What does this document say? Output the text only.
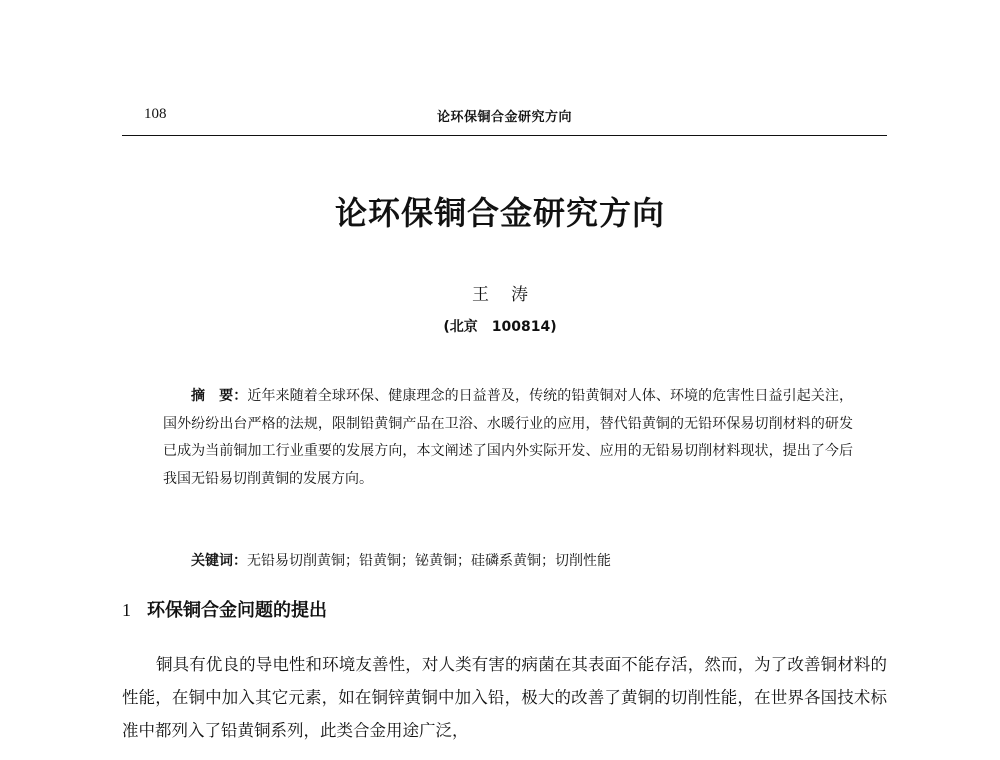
108	论环保铜合金研究方向
论环保铜合金研究方向
王涛
(北京　100814)
摘　要：近年来随着全球环保、健康理念的日益普及，传统的铅黄铜对人体、环境的危害性日益引起关注，国外纷纷出台严格的法规，限制铅黄铜产品在卫浴、水暖行业的应用，替代铅黄铜的无铅环保易切削材料的研发已成为当前铜加工行业重要的发展方向，本文阐述了国内外实际开发、应用的无铅易切削材料现状，提出了今后我国无铅易切削黄铜的发展方向。
关键词：无铅易切削黄铜；铅黄铜；铋黄铜；硅磷系黄铜；切削性能
1 环保铜合金问题的提出
铜具有优良的导电性和环境友善性，对人类有害的病菌在其表面不能存活，然而，为了改善铜材料的性能，在铜中加入其它元素，如在铜锌黄铜中加入铅，极大的改善了黄铜的切削性能，在世界各国技术标准中都列入了铅黄铜系列，此类合金用途广泛，
